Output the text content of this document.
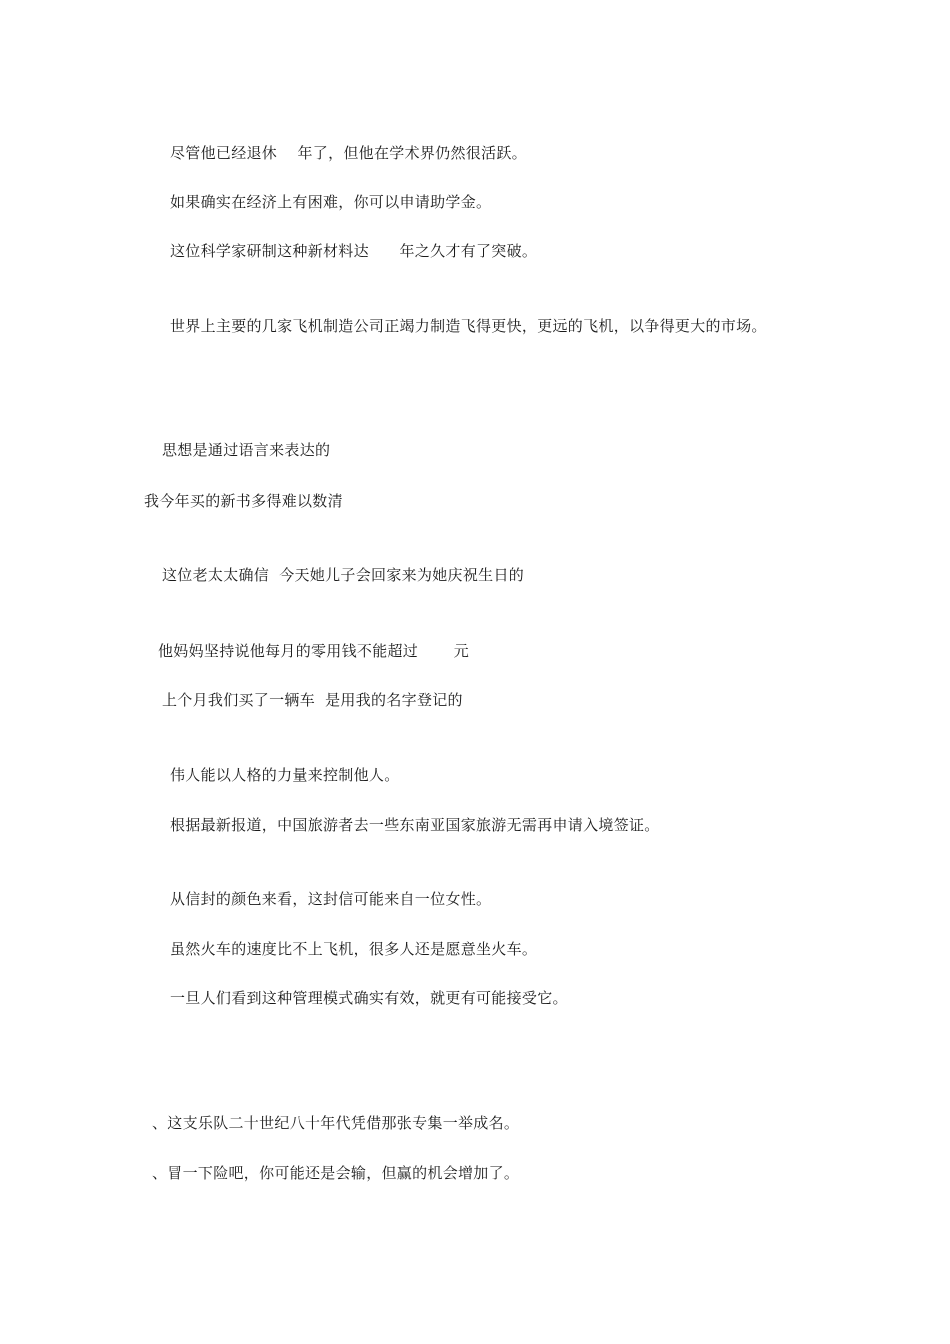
尽管他已经退休　 年了，但他在学术界仍然很活跃。
如果确实在经济上有困难，你可以申请助学金。
这位科学家研制这种新材料达　　年之久才有了突破。
世界上主要的几家飞机制造公司正竭力制造飞得更快，更远的飞机，以争得更大的市场。
思想是通过语言来表达的
我今年买的新书多得难以数清
这位老太太确信  今天她儿子会回家来为她庆祝生日的
他妈妈坚持说他每月的零用钱不能超过　　 元
上个月我们买了一辆车  是用我的名字登记的
伟人能以人格的力量来控制他人。
根据最新报道，中国旅游者去一些东南亚国家旅游无需再申请入境签证。
从信封的颜色来看，这封信可能来自一位女性。
虽然火车的速度比不上飞机，很多人还是愿意坐火车。
一旦人们看到这种管理模式确实有效，就更有可能接受它。
、这支乐队二十世纪八十年代凭借那张专集一举成名。
、冒一下险吧，你可能还是会输，但赢的机会增加了。
